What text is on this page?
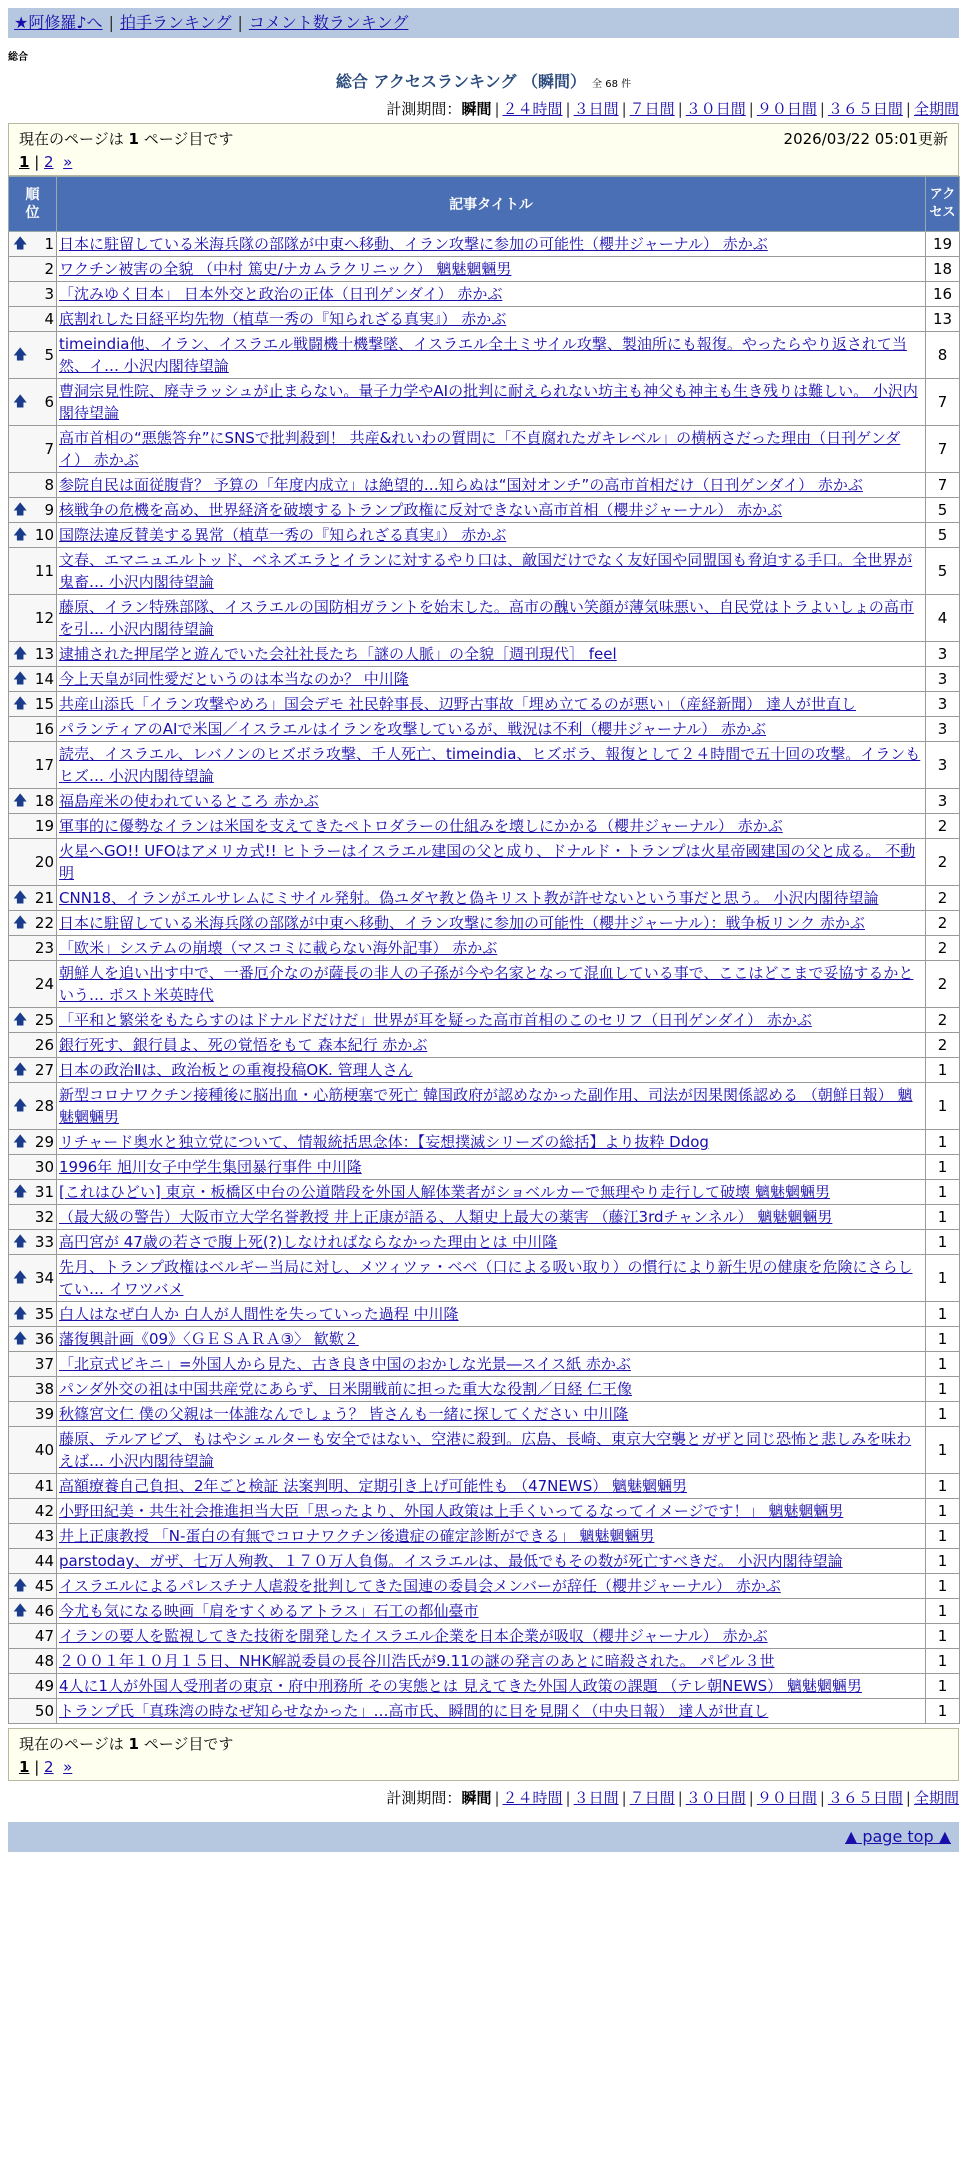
★阿修羅♪へ | 拍手ランキング | コメント数ランキング
総合
総合 アクセスランキング （瞬間） 全 68 件
計測期間：瞬間 | ２４時間 | ３日間 | ７日間 | ３０日間 | ９０日間 | ３６５日間 | 全期間
現在のページは 1 ページ目です	2026/03/22 05:01更新
1 | 2 »
順位	記事タイトル	アクセス

🡅 1	日本に駐留している米海兵隊の部隊が中東へ移動、イラン攻撃に参加の可能性（櫻井ジャーナル） 赤かぶ	19
2	ワクチン被害の全貌 （中村 篤史/ナカムラクリニック） 魑魅魍魎男	18
3	「沈みゆく日本」 日本外交と政治の正体（日刊ゲンダイ） 赤かぶ	16
4	底割れした日経平均先物（植草一秀の『知られざる真実』） 赤かぶ	13

🡅 5	timeindia他、イラン、イスラエル戦闘機十機撃墜、イスラエル全土ミサイル攻撃、製油所にも報復。やったらやり返されて当然、イ… 小沢内閣待望論	8

🡅 6	曹洞宗見性院、廃寺ラッシュが止まらない。量子力学やAIの批判に耐えられない坊主も神父も神主も生き残りは難しい。 小沢内閣待望論	7
7	高市首相の“悪態答弁”にSNSで批判殺到！ 共産&れいわの質問に「不貞腐れたガキレベル」の横柄さだった理由（日刊ゲンダイ） 赤かぶ	7
8	参院自民は面従腹背？ 予算の「年度内成立」は絶望的…知らぬは“国対オンチ”の高市首相だけ（日刊ゲンダイ） 赤かぶ	7

🡅 9	核戦争の危機を高め、世界経済を破壊するトランプ政権に反対できない高市首相（櫻井ジャーナル） 赤かぶ	5

🡅 10	国際法違反賛美する異常（植草一秀の『知られざる真実』） 赤かぶ	5
11	文春、エマニュエルトッド、ベネズエラとイランに対するやり口は、敵国だけでなく友好国や同盟国も脅迫する手口。全世界が鬼畜… 小沢内閣待望論	5
12	藤原、イラン特殊部隊、イスラエルの国防相ガラントを始末した。高市の醜い笑顔が薄気味悪い、自民党はトラよいしょの高市を引… 小沢内閣待望論	4

🡅 13	逮捕された押尾学と遊んでいた会社社長たち「謎の人脈」の全貌［週刊現代］ feel	3

🡅 14	今上天皇が同性愛だというのは本当なのか？ 中川隆	3

🡅 15	共産山添氏「イラン攻撃やめろ」国会デモ 社民幹事長、辺野古事故「埋め立てるのが悪い」（産経新聞） 達人が世直し	3
16	パランティアのAIで米国／イスラエルはイランを攻撃しているが、戦況は不利（櫻井ジャーナル） 赤かぶ	3
17	読売、イスラエル、レバノンのヒズボラ攻撃、千人死亡、timeindia、ヒズボラ、報復として２４時間で五十回の攻撃。イランもヒズ… 小沢内閣待望論	3

🡅 18	福島産米の使われているところ 赤かぶ	3
19	軍事的に優勢なイランは米国を支えてきたペトロダラーの仕組みを壊しにかかる（櫻井ジャーナル） 赤かぶ	2
20	火星へGO!! UFOはアメリカ式!! ヒトラーはイスラエル建国の父と成り、ドナルド・トランプは火星帝國建国の父と成る。 不動明	2

🡅 21	CNN18、イランがエルサレムにミサイル発射。偽ユダヤ教と偽キリスト教が許せないという事だと思う。 小沢内閣待望論	2

🡅 22	日本に駐留している米海兵隊の部隊が中東へ移動、イラン攻撃に参加の可能性（櫻井ジャーナル）：戦争板リンク 赤かぶ	2
23	「欧米」システムの崩壊（マスコミに載らない海外記事） 赤かぶ	2
24	朝鮮人を追い出す中で、一番厄介なのが薩長の非人の子孫が今や名家となって混血している事で、ここはどこまで妥協するかという… ポスト米英時代	2

🡅 25	「平和と繁栄をもたらすのはドナルドだけだ」世界が耳を疑った高市首相のこのセリフ（日刊ゲンダイ） 赤かぶ	2
26	銀行死す、銀行員よ、死の覚悟をもて 森本紀行 赤かぶ	2

🡅 27	日本の政治Ⅱは、政治板との重複投稿OK. 管理人さん	1

🡅 28	新型コロナワクチン接種後に脳出血・心筋梗塞で死亡 韓国政府が認めなかった副作用、司法が因果関係認める （朝鮮日報） 魑魅魍魎男	1

🡅 29	リチャード奥水と独立党について、情報統括思念体：【妄想撲滅シリーズの総括】より抜粋 Ddog	1
30	1996年 旭川女子中学生集団暴行事件 中川隆	1

🡅 31	[これはひどい] 東京・板橋区中台の公道階段を外国人解体業者がショベルカーで無理やり走行して破壊 魑魅魍魎男	1
32	（最大級の警告）大阪市立大学名誉教授 井上正康が語る、人類史上最大の薬害 （藤江3rdチャンネル） 魑魅魍魎男	1

🡅 33	高円宮が 47歳の若さで腹上死(?)しなければならなかった理由とは 中川隆	1

🡅 34	先月、トランプ政権はベルギー当局に対し、メツィツァ・ベベ（口による吸い取り）の慣行により新生児の健康を危険にさらしてい… イワツバメ	1

🡅 35	白人はなぜ白人か 白人が人間性を失っていった過程 中川隆	1

🡅 36	藩復興計画《09》〈ＧＥＳＡＲＡ③〉 歓歎２	1
37	「北京式ビキニ」=外国人から見た、古き良き中国のおかしな光景―スイス紙 赤かぶ	1
38	パンダ外交の祖は中国共産党にあらず、日米開戦前に担った重大な役割／日経 仁王像	1
39	秋篠宮文仁 僕の父親は一体誰なんでしょう？ 皆さんも一緒に探してください 中川隆	1
40	藤原、テルアビブ、もはやシェルターも安全ではない、空港に殺到。広島、長崎、東京大空襲とガザと同じ恐怖と悲しみを味わえば… 小沢内閣待望論	1
41	高額療養自己負担、2年ごと検証 法案判明、定期引き上げ可能性も （47NEWS） 魑魅魍魎男	1
42	小野田紀美・共生社会推進担当大臣「思ったより、外国人政策は上手くいってるなってイメージです！」 魑魅魍魎男	1
43	井上正康教授 「N-蛋白の有無でコロナワクチン後遺症の確定診断ができる」 魑魅魍魎男	1
44	parstoday、ガザ、七万人殉教、１７０万人負傷。イスラエルは、最低でもその数が死亡すべきだ。 小沢内閣待望論	1

🡅 45	イスラエルによるパレスチナ人虐殺を批判してきた国連の委員会メンバーが辞任（櫻井ジャーナル） 赤かぶ	1

🡅 46	今尤も気になる映画「肩をすくめるアトラス」石工の都仙臺市	1
47	イランの要人を監視してきた技術を開発したイスラエル企業を日本企業が吸収（櫻井ジャーナル） 赤かぶ	1
48	２００１年１０月１５日、NHK解説委員の長谷川浩氏が9.11の謎の発言のあとに暗殺された。 パピル３世	1
49	4人に1人が外国人受刑者の東京・府中刑務所 その実態とは 見えてきた外国人政策の課題 （テレ朝NEWS） 魑魅魍魎男	1
50	トランプ氏「真珠湾の時なぜ知らせなかった」…高市氏、瞬間的に目を見開く（中央日報） 達人が世直し	1
現在のページは 1 ページ目です
1 | 2 »
計測期間：瞬間 | ２４時間 | ３日間 | ７日間 | ３０日間 | ９０日間 | ３６５日間 | 全期間
▲ page top ▲
